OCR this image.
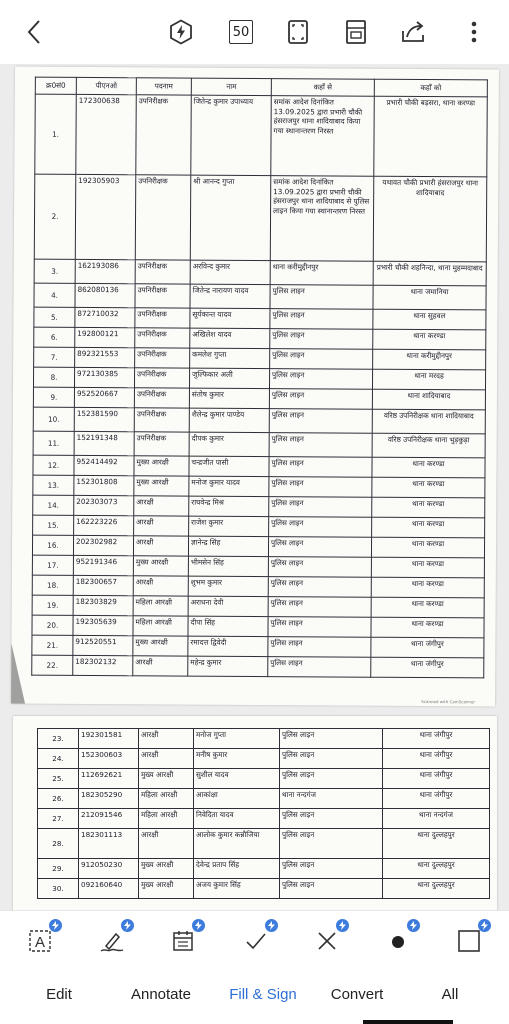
50
क्र0सं0	पीएनओ	पदनाम	नाम	कहाँ से	कहाँ को
1.	172300638	उपनिरीक्षक	जितेन्द्र कुमार उपाध्याय	समांक आदेश दिनांकित 13.09.2025 द्वारा प्रभारी चौकी हंसराजपुर थाना शादियाबाद किया गया स्थानान्तरण निरस्त	प्रभारी चौकी बड़सरा, थाना करण्डा
2.	192305903	उपनिरीक्षक	श्री आनन्द गुप्ता	समांक आदेश दिनांकित 13.09.2025 द्वारा प्रभारी चौकी हंसराजपुर थाना शादियाबाद से पुलिस लाइन किया गया स्थानान्तरण निरस्त	यथावत चौकी प्रभारी हंसराजपुर थाना शादियाबाद
3.	162193086	उपनिरीक्षक	अरविन्द कुमार	थाना करीमुद्दीनपुर	प्रभारी चौकी शहनिन्दा, थाना मुहम्मदाबाद
4.	862080136	उपनिरीक्षक	जितेन्द्र नारायण यादव	पुलिस लाइन	थाना जमानिया
5.	872710032	उपनिरीक्षक	सूर्यकान्त यादव	पुलिस लाइन	थाना सुहवल
6.	192800121	उपनिरीक्षक	अखिलेश यादव	पुलिस लाइन	थाना करण्डा
7.	892321553	उपनिरीक्षक	कमलेश गुप्ता	पुलिस लाइन	थाना करीमुद्दीनपुर
8.	972130385	उपनिरीक्षक	जुल्फिकार अली	पुलिस लाइन	थाना मरदह
9.	952520667	उपनिरीक्षक	संतोष कुमार	पुलिस लाइन	थाना शादियाबाद
10.	152381590	उपनिरीक्षक	शैलेन्द्र कुमार पाण्डेय	पुलिस लाइन	वरिष्ठ उपनिरीक्षक थाना शादियाबाद
11.	152191348	उपनिरीक्षक	दीपक कुमार	पुलिस लाइन	वरिष्ठ उपनिरीक्षक थाना भुड़कुड़ा
12.	952414492	मुख्य आरक्षी	चन्द्रजीत पासी	पुलिस लाइन	थाना करण्डा
13.	152301808	मुख्य आरक्षी	मनोज कुमार यादव	पुलिस लाइन	थाना करण्डा
14.	202303073	आरक्षी	राघवेन्द्र मिश्र	पुलिस लाइन	थाना करण्डा
15.	162223226	आरक्षी	राजेश कुमार	पुलिस लाइन	थाना करण्डा
16.	202302982	आरक्षी	ज्ञानेन्द्र सिंह	पुलिस लाइन	थाना करण्डा
17.	952191346	मुख्य आरक्षी	भीमसेन सिंह	पुलिस लाइन	थाना करण्डा
18.	182300657	आरक्षी	शुभम कुमार	पुलिस लाइन	थाना करण्डा
19.	182303829	महिला आरक्षी	अराधना देवी	पुलिस लाइन	थाना करण्डा
20.	192305639	महिला आरक्षी	दीपा सिंह	पुलिस लाइन	थाना करण्डा
21.	912520551	मुख्य आरक्षी	रमादत्त द्विवेदी	पुलिस लाइन	थाना जंगीपुर
22.	182302132	आरक्षी	महेन्द्र कुमार	पुलिस लाइन	थाना जंगीपुर
Scanned with CamScanner
23.	192301581	आरक्षी	मनोज गुप्ता	पुलिस लाइन	थाना जंगीपुर
24.	152300603	आरक्षी	मनीष कुमार	पुलिस लाइन	थाना जंगीपुर
25.	112692621	मुख्य आरक्षी	सुशील यादव	पुलिस लाइन	थाना जंगीपुर
26.	182305290	महिला आरक्षी	आकांक्षा	थाना नन्दगंज	थाना जंगीपुर
27.	212091546	महिला आरक्षी	निवेदिता यादव	पुलिस लाइन	थाना नन्दगंज
28.	182301113	आरक्षी	आलोक कुमार कन्नौजिया	पुलिस लाइन	थाना दुल्लहपुर
29.	912050230	मुख्य आरक्षी	देवेन्द्र प्रताप सिंह	पुलिस लाइन	थाना दुल्लहपुर
30.	092160640	मुख्य आरक्षी	अजय कुमार सिंह	पुलिस लाइन	थाना दुल्लहपुर
A
Edit	Annotate	Fill & Sign	Convert	All
